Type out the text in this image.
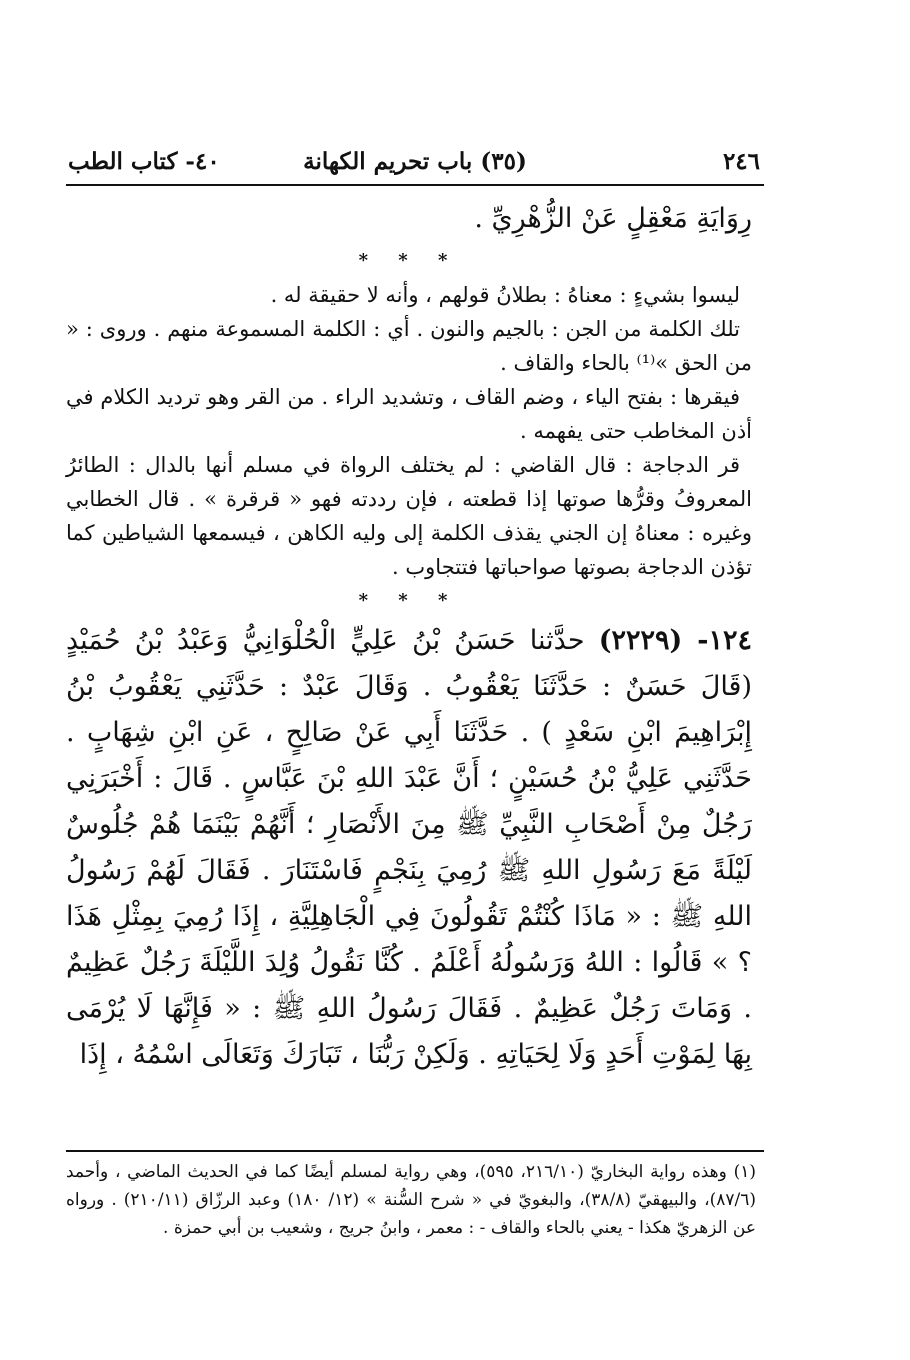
٢٤٦
(٣٥) باب تحريم الكهانة
٤٠- كتاب الطب

رِوَايَةِ مَعْقِلٍ عَنْ الزُّهْرِيِّ .

* * *

ليسوا بشيءٍ : معناهُ : بطلانُ قولهم ، وأنه لا حقيقة له .

تلك الكلمة من الجن : بالجيم والنون . أي : الكلمة المسموعة منهم . وروى : « من الحق »⁽¹⁾ بالحاء والقاف .

فيقرها : بفتح الياء ، وضم القاف ، وتشديد الراء . من القر وهو ترديد الكلام في أذن المخاطب حتى يفهمه .

قر الدجاجة : قال القاضي : لم يختلف الرواة في مسلم أنها بالدال : الطائرُ المعروفُ وقرُّها صوتها إذا قطعته ، فإن رددته فهو « قرقرة » . قال الخطابي وغيره : معناهُ إن الجني يقذف الكلمة إلى وليه الكاهن ، فيسمعها الشياطين كما تؤذن الدجاجة بصوتها صواحباتها فتتجاوب .

* * *

١٢٤- (٢٢٢٩) حدَّثنا حَسَنُ بْنُ عَلِيٍّ الْحُلْوَانِيُّ وَعَبْدُ بْنُ حُمَيْدٍ (قَالَ حَسَنٌ : حَدَّثَنَا يَعْقُوبُ . وَقَالَ عَبْدٌ : حَدَّثَنِي يَعْقُوبُ بْنُ إِبْرَاهِيمَ ابْنِ سَعْدٍ ) . حَدَّثَنَا أَبِي عَنْ صَالِحٍ ، عَنِ ابْنِ شِهَابٍ . حَدَّثَنِي عَلِيُّ بْنُ حُسَيْنٍ ؛ أَنَّ عَبْدَ اللهِ بْنَ عَبَّاسٍ . قَالَ : أَخْبَرَنِي رَجُلٌ مِنْ أَصْحَابِ النَّبِيِّ ﷺ مِنَ الأَنْصَارِ ؛ أَنَّهُمْ بَيْنَمَا هُمْ جُلُوسٌ لَيْلَةً مَعَ رَسُولِ اللهِ ﷺ رُمِيَ بِنَجْمٍ فَاسْتَنَارَ . فَقَالَ لَهُمْ رَسُولُ اللهِ ﷺ : « مَاذَا كُنْتُمْ تَقُولُونَ فِي الْجَاهِلِيَّةِ ، إِذَا رُمِيَ بِمِثْلِ هَذَا ؟ » قَالُوا : اللهُ وَرَسُولُهُ أَعْلَمُ . كُنَّا نَقُولُ وُلِدَ اللَّيْلَةَ رَجُلٌ عَظِيمٌ . وَمَاتَ رَجُلٌ عَظِيمٌ . فَقَالَ رَسُولُ اللهِ ﷺ : « فَإِنَّهَا لَا يُرْمَى بِهَا لِمَوْتِ أَحَدٍ وَلَا لِحَيَاتِهِ . وَلَكِنْ رَبُّنَا ، تَبَارَكَ وَتَعَالَى اسْمُهُ ، إِذَا

(١) وهذه رواية البخاريّ (٢١٦/١٠، ٥٩٥)، وهي رواية لمسلم أيضًا كما في الحديث الماضي ، وأحمد (٨٧/٦)، والبيهقيّ (٣٨/٨)، والبغويّ في « شرح السُّنة » (١٢/ ١٨٠) وعبد الرزّاق (٢١٠/١١) . ورواه عن الزهريّ هكذا - يعني بالحاء والقاف - : معمر ، وابنُ جريج ، وشعيب بن أبي حمزة .
